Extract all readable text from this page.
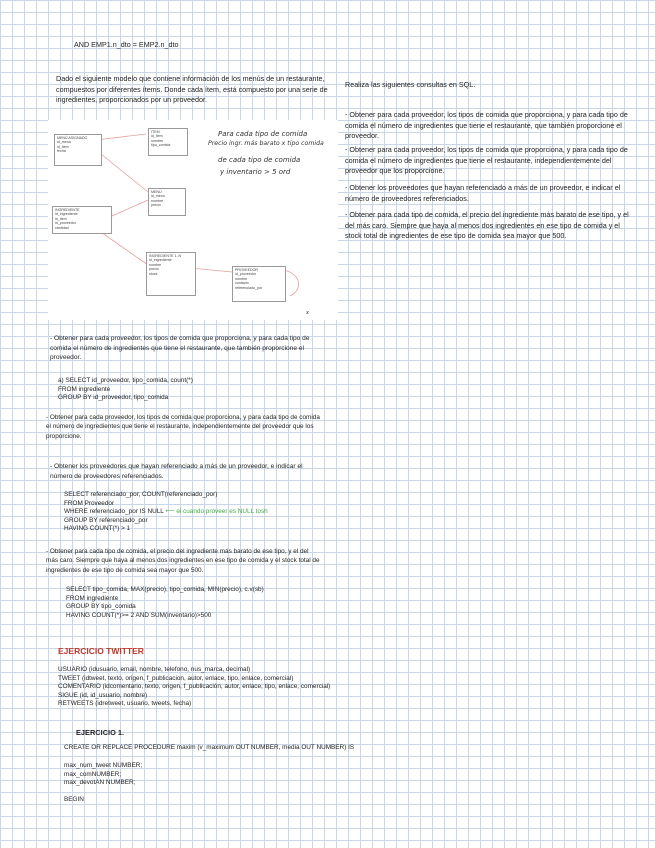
AND EMP1.n_dto = EMP2.n_dto
Dado el siguiente modelo que contiene información de los menús de un restaurante, compuestos por diferentes ítems. Donde cada ítem, está compuesto por una serie de ingredientes, proporcionados por un proveedor.
MENÚ ASIGNADO
id_menú
id_item
fecha
ITEM
id_item
nombre
tipo_comida
MENÚ
id_menú
nombre
precio
INGREDIENTE
id_ingrediente
id_item
id_proveedor
cantidad
INGREDIENTE 1..N
id_ingrediente
nombre
precio
stock
PROVEEDOR
id_proveedor
nombre
contacto
referenciado_por
Para cada tipo de comida
Precio ingr. más barato x tipo comida
de cada tipo de comida
y inventario > 5 ord
x
Realiza las siguientes consultas en SQL.
- Obtener para cada proveedor, los tipos de comida que proporciona, y para cada tipo de comida el número de ingredientes que tiene el restaurante, que también proporcione el proveedor.
- Obtener para cada proveedor, los tipos de comida que proporciona, y para cada tipo de comida el número de ingredientes que tiene el restaurante, independientemente del proveedor que los proporcione.
- Obtener los proveedores que hayan referenciado a más de un proveedor, e indicar el número de proveedores referenciados.
- Obtener para cada tipo de comida, el precio del ingrediente más barato de ese tipo, y el del más caro. Siempre que haya al menos dos ingredientes en ese tipo de comida y el stock total de ingredientes de ese tipo de comida sea mayor que 500.
- Obtener para cada proveedor, los tipos de comida que proporciona, y para cada tipo de comida el número de ingredientes que tiene el restaurante, que también proporcione el proveedor.
a) SELECT id_proveedor, tipo_comida, count(*)
FROM ingrediente
GROUP BY id_proveedor, tipo_comida
- Obtener para cada proveedor, los tipos de comida que proporciona, y para cada tipo de comida el número de ingredientes que tiene el restaurante, independientemente del proveedor que los proporcione.
- Obtener los proveedores que hayan referenciado a más de un proveedor, e indicar el número de proveedores referenciados.
SELECT referenciado_por, COUNT(referenciado_por)
FROM Proveedor
WHERE referenciado_por IS NULL ⟵ el cuando proveer es NULL tosh
GROUP BY referenciado_por
HAVING COUNT(*) > 1
- Obtener para cada tipo de comida, el precio del ingrediente más barato de ese tipo, y el del más caro. Siempre que haya al menos dos ingredientes en ese tipo de comida y el stock total de ingredientes de ese tipo de comida sea mayor que 500.
SELECT tipo_comida, MAX(precio), tipo_comida, MIN(precio), c.v(sb)
FROM ingrediente
GROUP BY tipo_comida
HAVING COUNT(*)>= 2 AND SUM(inventario)>500
EJERCICIO TWITTER
USUARIO (idusuario, email, nombre, telefono, nus_marca, decimal)
TWEET (idtweet, texto, origen, f_publicacion, autor, enlace, tipo, enlace, comercial)
COMENTARIO (idcomentario, texto, origen, f_publicación, autor, enlace, tipo, enlace, comercial)
SIGUE (id, id_usuario, nombre)
RETWEETS (idretweet, usuario, tweets, fecha)
EJERCICIO 1.
CREATE OR REPLACE PROCEDURE maxim (v_maximum OUT NUMBER, media OUT NUMBER) IS
max_num_tweet NUMBER;
max_comNUMBER;
max_devotAN NUMBER;
BEGIN
